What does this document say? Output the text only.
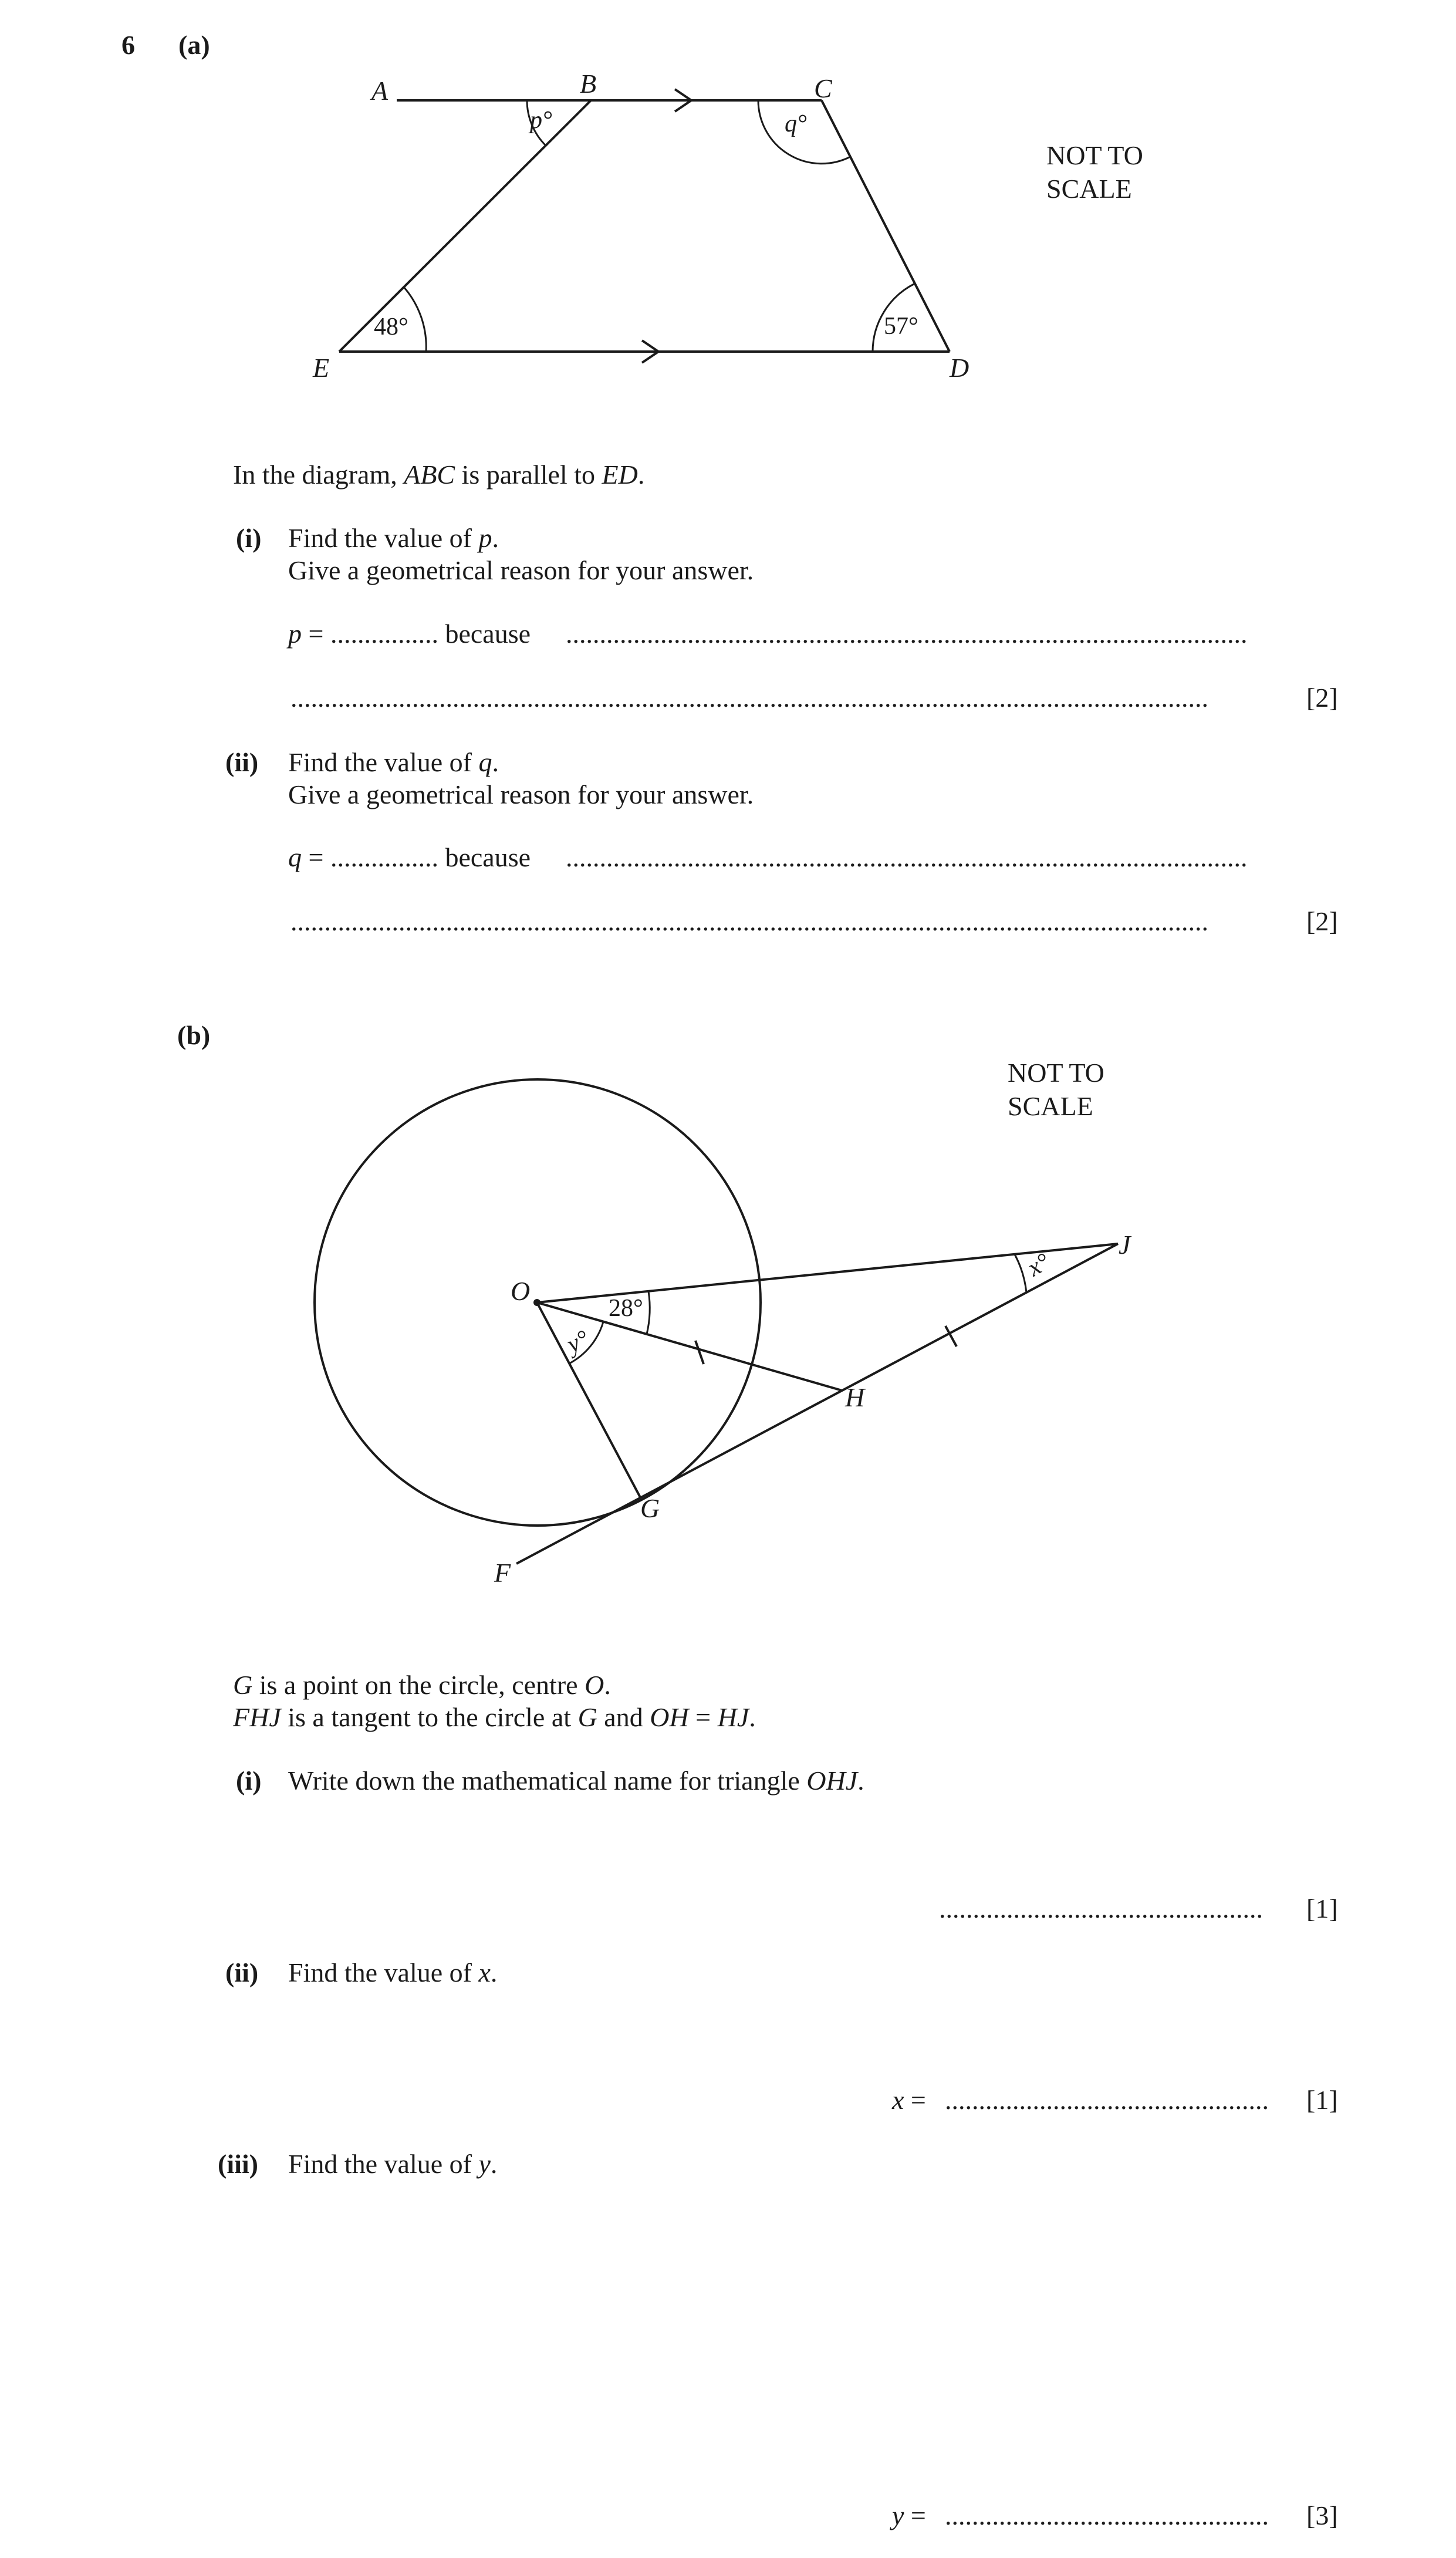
6 (a)
A	B	C
D
E
p°	q°
48°	57°
NOT TO
SCALE
In the diagram, ABC is parallel to ED.
(i) Find the value of p.
Give a geometrical reason for your answer.
p = ................ because .....................................................................................................
........................................................................................................................................	[2]
(ii) Find the value of q.
Give a geometrical reason for your answer.
q = ................ because .....................................................................................................
........................................................................................................................................	[2]
(b)
O
J
H
G
F
28°
y°
x°
NOT TO
SCALE
G is a point on the circle, centre O.
FHJ is a tangent to the circle at G and OH = HJ.
(i) Write down the mathematical name for triangle OHJ.
................................................	[1]
(ii) Find the value of x.
x = ................................................	[1]
(iii) Find the value of y.
y = ................................................	[3]
